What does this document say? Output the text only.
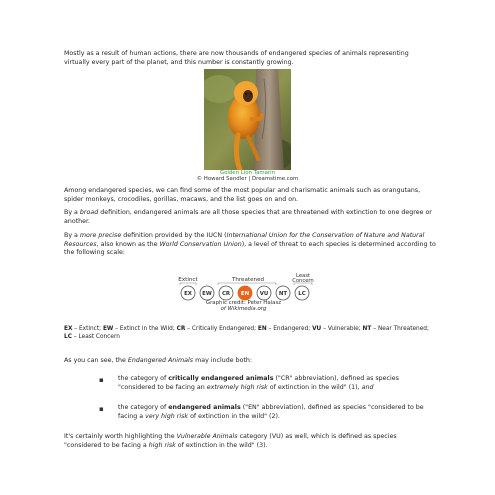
Mostly as a result of human actions, there are now thousands of endangered species of animals representing virtually every part of the planet, and this number is constantly growing.

Golden Lion Tamarin
© Howard Sandler | Dreamstime.com

Among endangered species, we can find some of the most popular and charismatic animals such as orangutans, spider monkeys, crocodiles, gorillas, macaws, and the list goes on and on.

By a broad definition, endangered animals are all those species that are threatened with extinction to one degree or another.

By a more precise definition provided by the IUCN (International Union for the Conservation of Nature and Natural Resources, also known as the World Conservation Union), a level of threat to each species is determined according to the following scale:

Extinct	Threatened
Least
Concern
EX EW CR EN VU NT LC
Graphic credit: Peter Halasz
of Wikimedia.org

EX – Extinct; EW – Extinct in the Wild; CR – Critically Endangered; EN – Endangered; VU – Vulnerable; NT – Near Threatened; LC – Least Concern

As you can see, the Endangered Animals may include both:

▪ the category of critically endangered animals ("CR" abbreviation), defined as species "considered to be facing an extremely high risk of extinction in the wild" (1), and

▪ the category of endangered animals ("EN" abbreviation), defined as species "considered to be facing a very high risk of extinction in the wild" (2).

It's certainly worth highlighting the Vulnerable Animals category (VU) as well, which is defined as species "considered to be facing a high risk of extinction in the wild" (3).
